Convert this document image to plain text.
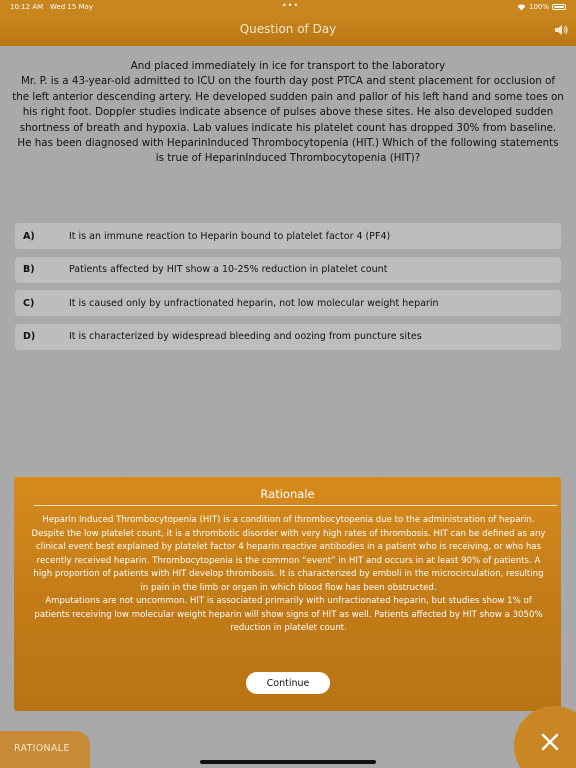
10:12 AM Wed 15 May	•••	100%
Question of Day
And placed immediately in ice for transport to the laboratory
Mr. P. is a 43-year-old admitted to ICU on the fourth day post PTCA and stent placement for occlusion of the left anterior descending artery. He developed sudden pain and pallor of his left hand and some toes on his right foot. Doppler studies indicate absence of pulses above these sites. He also developed sudden shortness of breath and hypoxia. Lab values indicate his platelet count has dropped 30% from baseline. He has been diagnosed with HeparinInduced Thrombocytopenia (HIT.) Which of the following statements is true of HeparinInduced Thrombocytopenia (HIT)?
A)	It is an immune reaction to Heparin bound to platelet factor 4 (PF4)
B)	Patients affected by HIT show a 10-25% reduction in platelet count
C)	It is caused only by unfractionated heparin, not low molecular weight heparin
D)	It is characterized by widespread bleeding and oozing from puncture sites
Rationale
Heparin Induced Thrombocytopenia (HIT) is a condition of thrombocytopenia due to the administration of heparin. Despite the low platelet count, it is a thrombotic disorder with very high rates of thrombosis. HIT can be defined as any clinical event best explained by platelet factor 4 heparin reactive antibodies in a patient who is receiving, or who has recently received heparin. Thrombocytopenia is the common “event” in HIT and occurs in at least 90% of patients. A high proportion of patients with HIT develop thrombosis. It is characterized by emboli in the microcirculation, resulting in pain in the limb or organ in which blood flow has been obstructed.
Amputations are not uncommon. HIT is associated primarily with unfractionated heparin, but studies show 1% of patients receiving low molecular weight heparin will show signs of HIT as well. Patients affected by HIT show a 3050% reduction in platelet count.
Continue
RATIONALE
